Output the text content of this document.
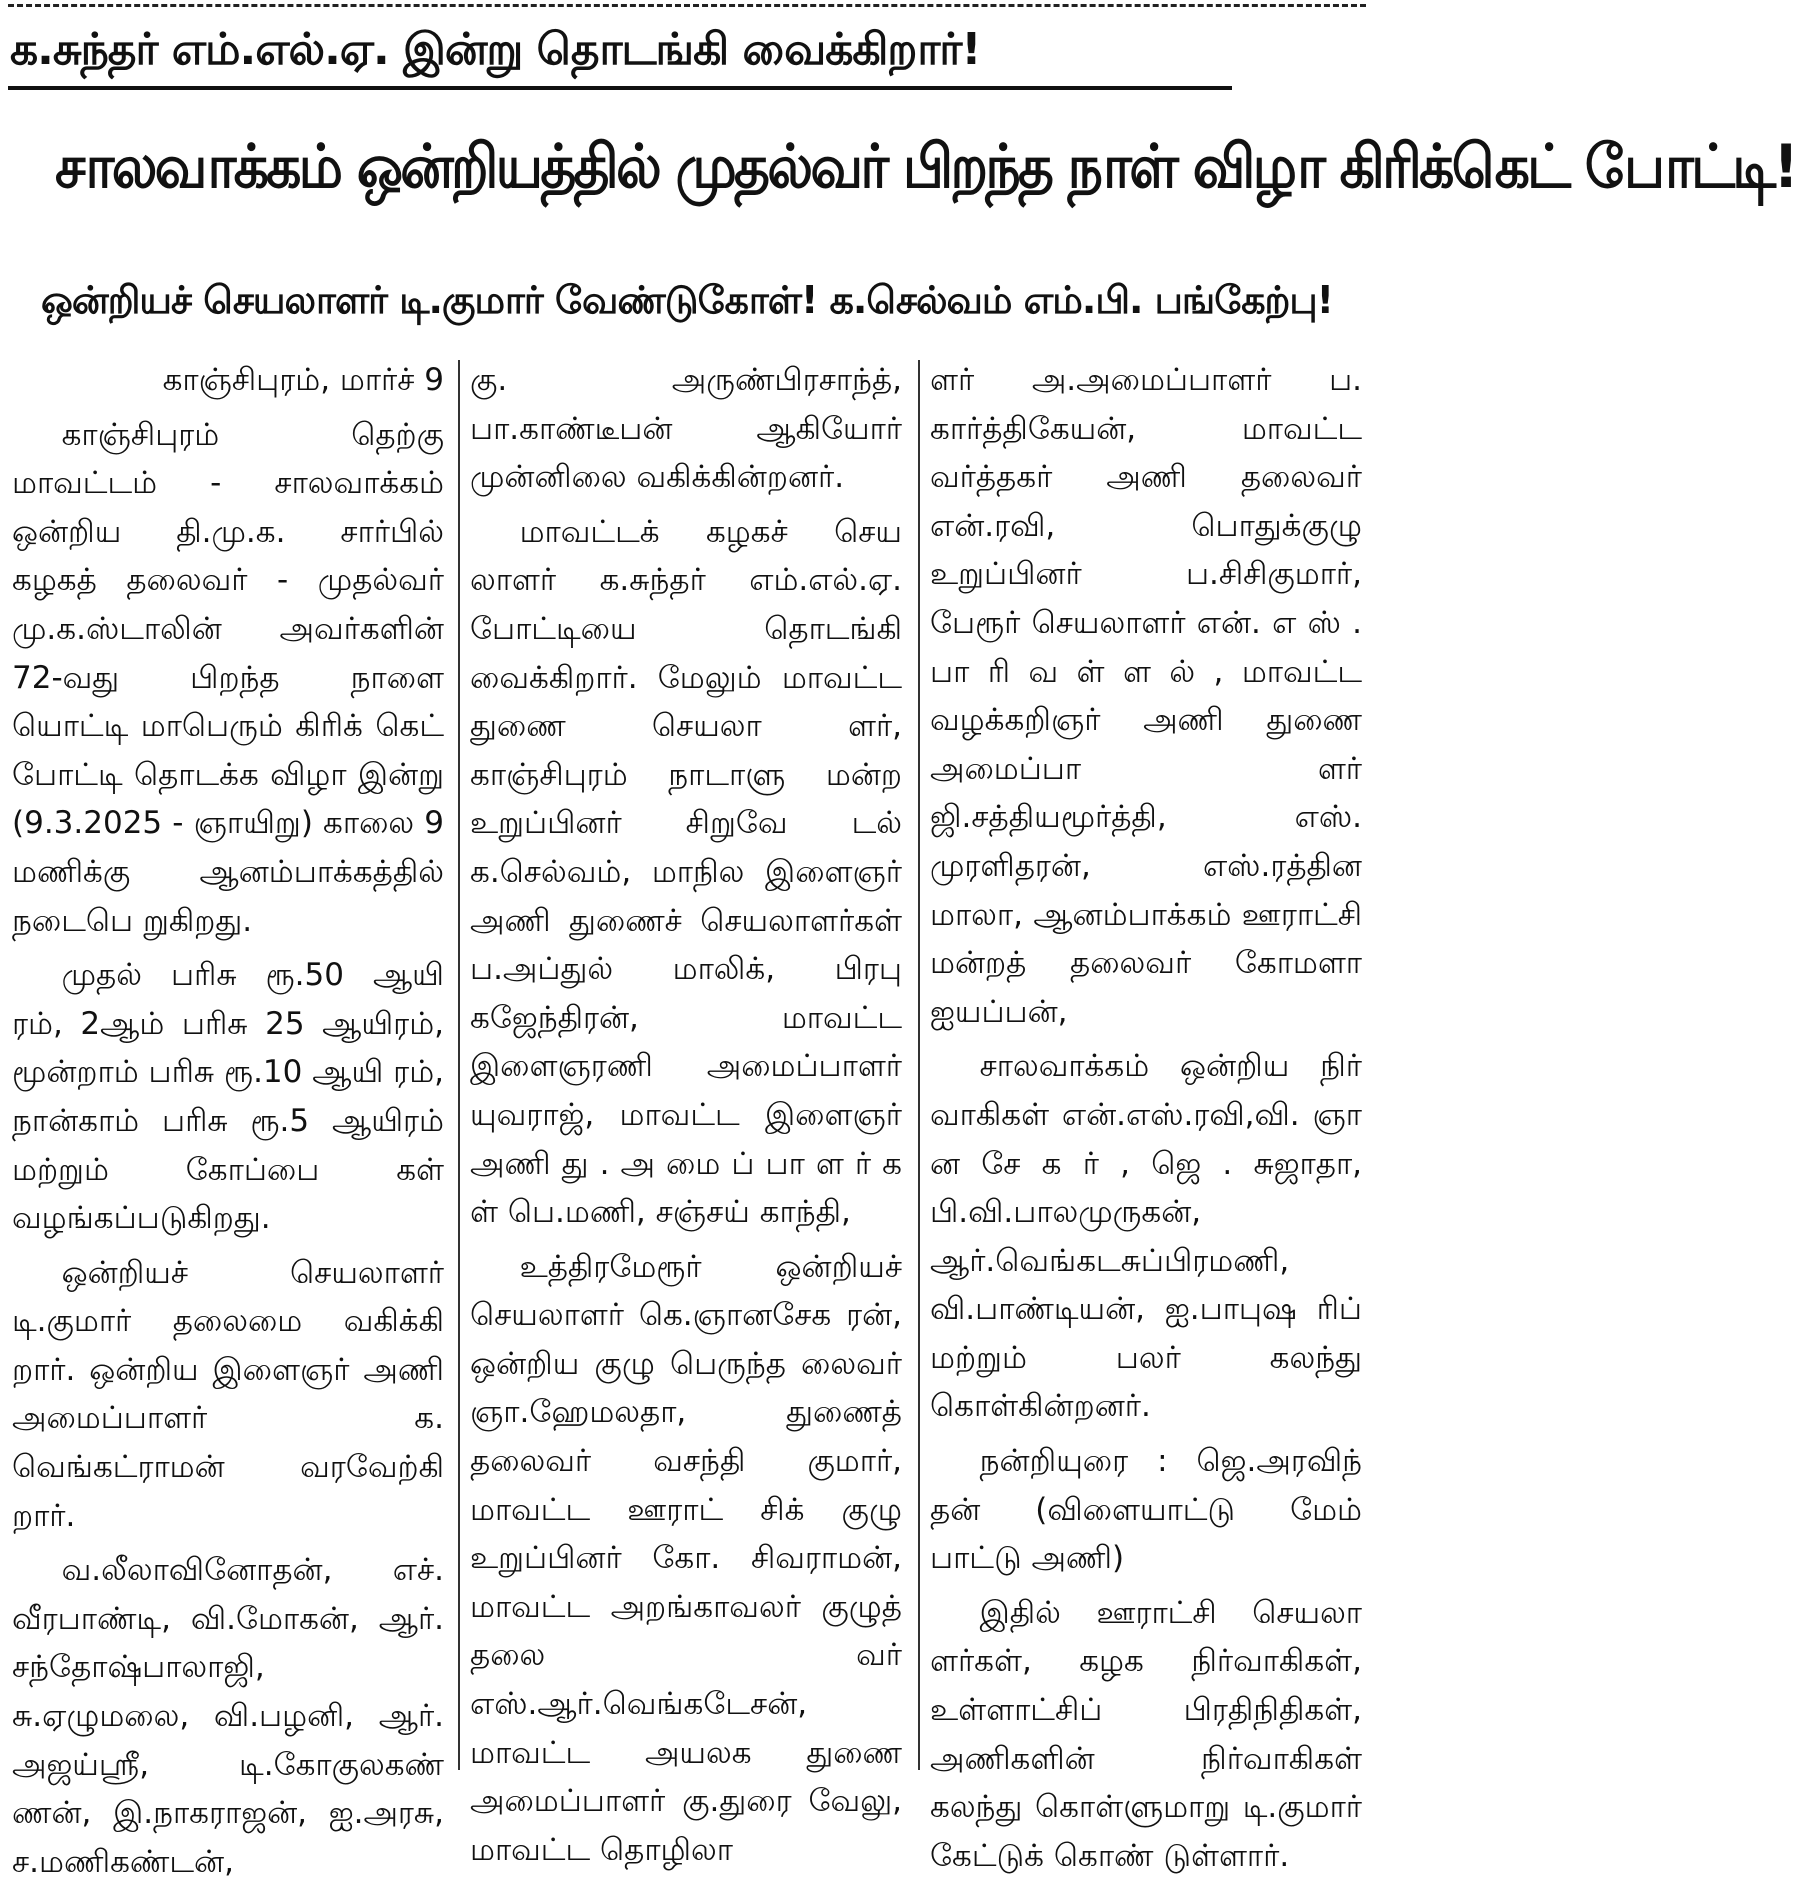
க.சுந்தர் எம்.எல்.ஏ. இன்று தொடங்கி வைக்கிறார்!
சாலவாக்கம் ஒன்றியத்தில் முதல்வர் பிறந்த நாள் விழா கிரிக்கெட் போட்டி!
ஒன்றியச் செயலாளர் டி.குமார் வேண்டுகோள்! க.செல்வம் எம்.பி. பங்கேற்பு!

காஞ்சிபுரம், மார்ச் 9

காஞ்சிபுரம் தெற்கு மாவட்டம் - சாலவாக்கம் ஒன்றிய தி.மு.க. சார்பில் கழகத் தலைவர் - முதல்வர் மு.க.ஸ்டாலின் அவர்களின் 72-வது பிறந்த நாளை யொட்டி மாபெரும் கிரிக் கெட் போட்டி தொடக்க விழா இன்று (9.3.2025 - ஞாயிறு) காலை 9 மணிக்கு ஆனம்பாக்கத்தில் நடைபெ றுகிறது.

முதல் பரிசு ரூ.50 ஆயி ரம், 2ஆம் பரிசு 25 ஆயிரம், மூன்றாம் பரிசு ரூ.10 ஆயி ரம், நான்காம் பரிசு ரூ.5 ஆயிரம் மற்றும் கோப்பை கள் வழங்கப்படுகிறது.

ஒன்றியச் செயலாளர் டி.குமார் தலைமை வகிக்கி றார். ஒன்றிய இளைஞர் அணி அமைப்பாளர் க. வெங்கட்ராமன் வரவேற்கி றார்.

வ.லீலாவினோதன், எச். வீரபாண்டி, வி.மோகன், ஆர். சந்தோஷ்பாலாஜி, சு.ஏழுமலை, வி.பழனி, ஆர். அஜய்ஸ்ரீ, டி.கோகுலகண் ணன், இ.நாகராஜன், ஐ.அரசு, ச.மணிகண்டன்,

கு. அருண்பிரசாந்த், பா.காண்டீபன் ஆகியோர் முன்னிலை வகிக்கின்றனர்.

மாவட்டக் கழகச் செய லாளர் க.சுந்தர் எம்.எல்.ஏ. போட்டியை தொடங்கி வைக்கிறார். மேலும் மாவட்ட துணை செயலா ளர், காஞ்சிபுரம் நாடாளு மன்ற உறுப்பினர் சிறுவே டல் க.செல்வம், மாநில இளைஞர் அணி துணைச் செயலாளர்கள் ப.அப்துல் மாலிக், பிரபு கஜேந்திரன், மாவட்ட இளைஞரணி அமைப்பாளர் யுவராஜ், மாவட்ட இளைஞர் அணி து . அ மை ப் பா ள ர் க ள் பெ.மணி, சஞ்சய் காந்தி,

உத்திரமேரூர் ஒன்றியச் செயலாளர் கெ.ஞானசேக ரன், ஒன்றிய குழு பெருந்த லைவர் ஞா.ஹேமலதா, துணைத் தலைவர் வசந்தி குமார், மாவட்ட ஊராட் சிக் குழு உறுப்பினர் கோ. சிவராமன், மாவட்ட அறங்காவலர் குழுத் தலை வர் எஸ்.ஆர்.வெங்கடேசன், மாவட்ட அயலக துணை அமைப்பாளர் கு.துரை வேலு, மாவட்ட தொழிலா

ளர் அ.அமைப்பாளர் ப. கார்த்திகேயன், மாவட்ட வர்த்தகர் அணி தலைவர் என்.ரவி, பொதுக்குழு உறுப்பினர் ப.சிசிகுமார், பேரூர் செயலாளர் என். எ ஸ் . பா ரி வ ள் ள ல் , மாவட்ட வழக்கறிஞர் அணி துணை அமைப்பா ளர் ஜி.சத்தியமூர்த்தி, எஸ். முரளிதரன், எஸ்.ரத்தின மாலா, ஆனம்பாக்கம் ஊராட்சி மன்றத் தலைவர் கோமளா ஐயப்பன்,

சாலவாக்கம் ஒன்றிய நிர் வாகிகள் என்.எஸ்.ரவி,வி. ஞா ன சே க ர் , ஜெ . சுஜாதா, பி.வி.பாலமுருகன், ஆர்.வெங்கடசுப்பிரமணி, வி.பாண்டியன், ஐ.பாபுஷ ரிப் மற்றும் பலர் கலந்து கொள்கின்றனர்.

நன்றியுரை : ஜெ.அரவிந் தன் (விளையாட்டு மேம் பாட்டு அணி)

இதில் ஊராட்சி செயலா ளர்கள், கழக நிர்வாகிகள், உள்ளாட்சிப் பிரதிநிதிகள், அணிகளின் நிர்வாகிகள் கலந்து கொள்ளுமாறு டி.குமார் கேட்டுக் கொண் டுள்ளார்.
